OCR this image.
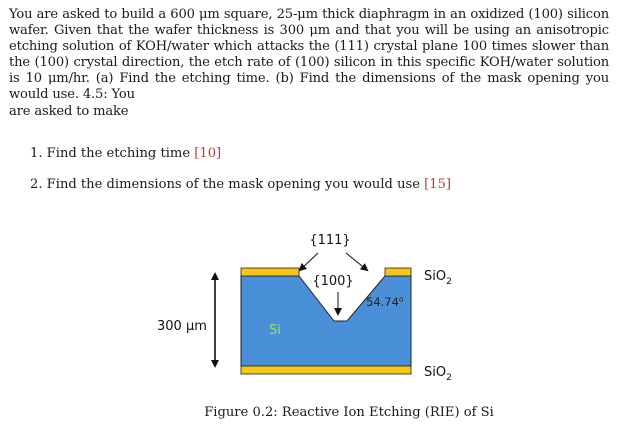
You are asked to build a 600 μm square, 25-μm thick diaphragm in an oxidized (100) silicon wafer. Given that the wafer thickness is 300 μm and that you will be using an anisotropic etching solution of KOH/water which attacks the (111) crystal plane 100 times slower than the (100) crystal direction, the etch rate of (100) silicon in this specific KOH/water solution is 10 μm/hr. (a) Find the etching time. (b) Find the dimensions of the mask opening you would use. 4.5: You
are asked to make

1. Find the etching time [10]

2. Find the dimensions of the mask opening you would use [15]

{111}
{100}
54.74⁰
300 μm	Si
SiO$_2$
SiO$_2$

Figure 0.2: Reactive Ion Etching (RIE) of Si
